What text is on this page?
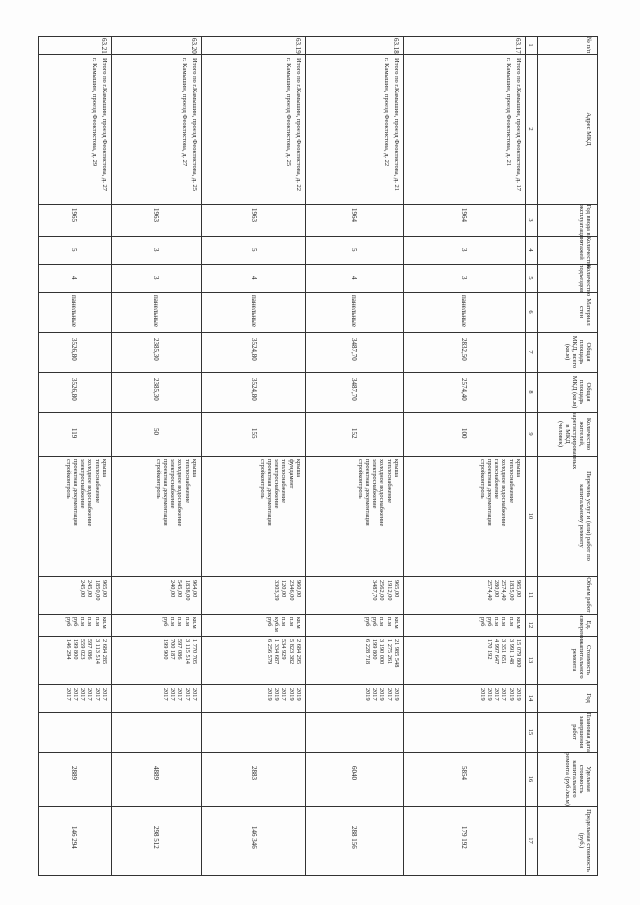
№ п/п
Адрес МКД
Год ввода в эксплуатацию
Количество этажей
Количество подъездов
Материал стен
Общая площадь МКД, всего (кв.м)
Общая площадь МКД (кв.м)
Количество жителей, зарегистрированных в МКД (человек)
Перечень услуг и (или) работ по капитальному ремонту
Объем работ
Ед. измерения
Стоимость капитального ремонта
Год
Плановая дата завершения работ
Удельная стоимость капитального ремонта (руб./кв.м)
Предельная стоимость (руб.)
1
2
3
4
5
6
7
8
9
10
11
12
13
14
15
16
17
63.17
Итого по г.Камышин, проезд Феоктистова, д. 17
г. Камышин, проезд Феоктистова, д. 21
1964
3
3
панельные
2832,50
2574,40
100
крыша
теплоснабжение
холодное водоснабжение
газоснабжение
проектная документация
стройконтроль
965,00
1835,00
2574,40
280,00
2574,40
кв.м
п.м
п.м
п.м
руб
руб
15 079 800
3 991 148
3 351 651
4 997 647
170 192
2019
2019
2017
2017
2019
2019
5854
179 192
63.18
Итого по г.Камышин, проезд Феоктистова, д. 21
г. Камышин, проезд Феоктистова, д. 22
1964
5
4
панельные
3487,70
3487,70
152
крыша
теплоснабжение
холодное водоснабжение
электроснабжение
проектная документация
стройконтроль
965,00
1912,00
2562,00
3487,70
кв.м
п.м
п.м
руб
руб
21 985 548
1 275 261
3 190 000
199 800
6 228 718
2019
2017
2019
2017
2019
6040
288 156
63.19
Итого по г.Камышин, проезд Феоктистова, д. 22
г. Камышин, проезд Феоктистова, д. 25
1963
5
4
панельные
3524,80
3524,80
155
крыша
фундамент
теплоснабжение
электроснабжение
проектная документация
стройконтроль
960,00
2346,00
120,00
3303,39
кв.м
п.м
п.м
куб.м
руб
2 684 295
5 823 382
534 929
1 334 687
6 256 579
2019
2019
2017
2019
2019
2883
146 346
63.20
Итого по г.Камышин, проезд Феоктистова, д. 25
г. Камышин, проезд Феоктистова, д. 27
1963
3
3
панельные
2385,30
2385,30
50
крыша
теплоснабжение
холодное водоснабжение
электроснабжение
проектная документация
стройконтроль
964,00
1838,00
545,00
240,00
кв.м
п.м
п.м
п.м
руб
1 770 705
3 115 514
597 086
700 187
199 900
2017
2017
2017
2017
2017
4889
298 512
63.21
Итого по г.Камышин, проезд Феоктистова, д. 27
г. Камышин, проезд Феоктистова, д. 29
1965
5
4
панельные
3526,80
3526,80
119
крыша
теплоснабжение
холодное водоснабжение
электроснабжение
проектная документация
стройконтроль
965,00
1850,00
245,00
245,00
кв.м
п.м
п.м
п.м
руб
руб
2 684 285
3 113 514
597 086
559 023
199 800
146 294
2017
2017
2017
2017
2017
2017
2889
146 294
